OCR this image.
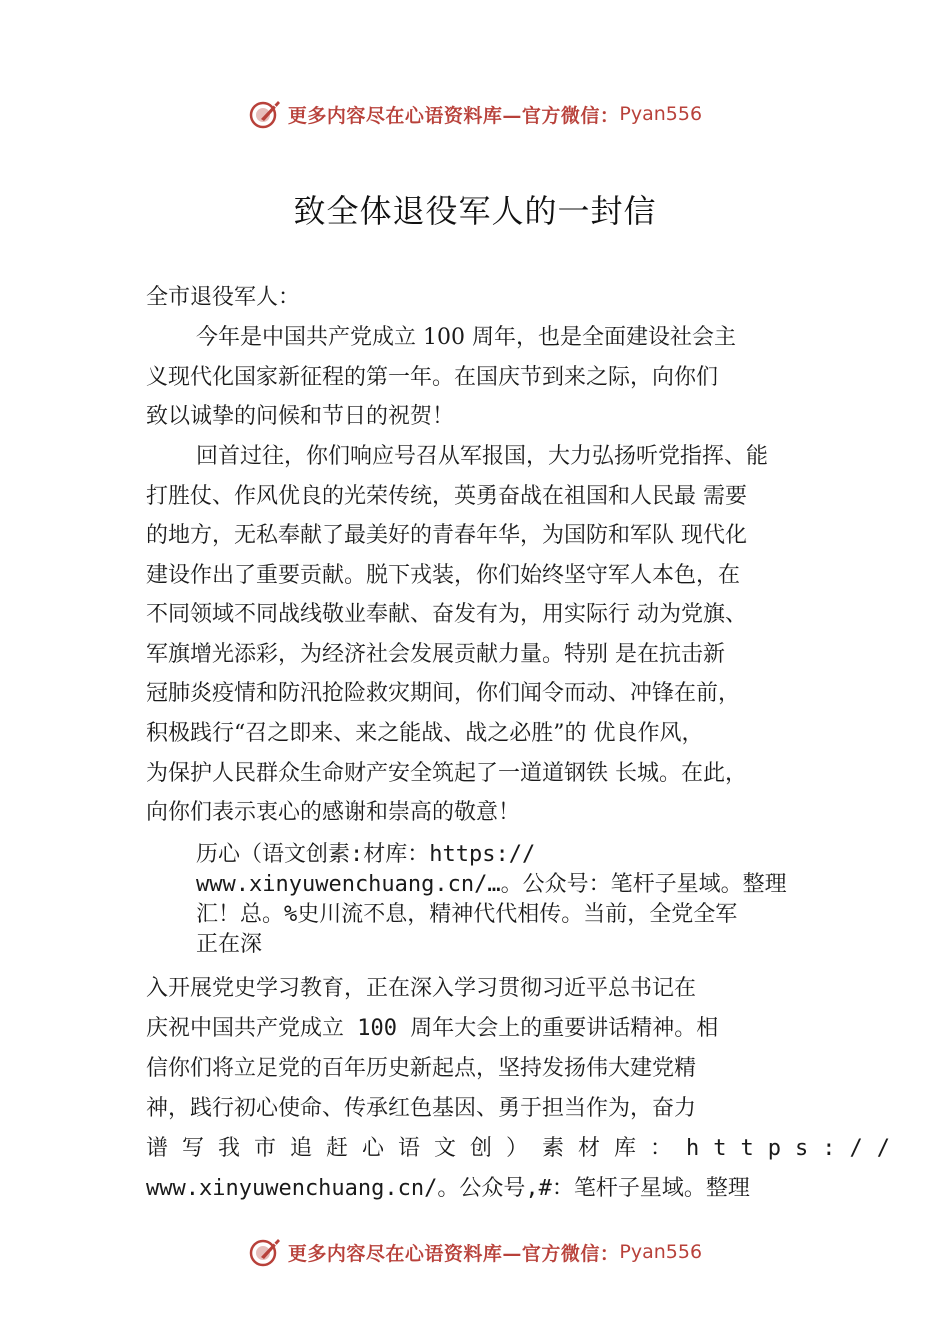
更多内容尽在心语资料库—官方微信： Pyan556
致全体退役军人的一封信
全市退役军人：
今年是中国共产党成立 100 周年，也是全面建设社会主
义现代化国家新征程的第一年。在国庆节到来之际，向你们
致以诚挚的问候和节日的祝贺！
回首过往，你们响应号召从军报国，大力弘扬听党指挥、能
打胜仗、作风优良的光荣传统，英勇奋战在祖国和人民最 需要
的地方，无私奉献了最美好的青春年华，为国防和军队 现代化
建设作出了重要贡献。脱下戎装，你们始终坚守军人本色，在
不同领域不同战线敬业奉献、奋发有为，用实际行 动为党旗、
军旗增光添彩，为经济社会发展贡献力量。特别 是在抗击新
冠肺炎疫情和防汛抢险救灾期间，你们闻令而动、冲锋在前，
积极践行“召之即来、来之能战、战之必胜”的 优良作风，
为保护人民群众生命财产安全筑起了一道道钢铁 长城。在此，
向你们表示衷心的感谢和崇高的敬意！
历心（语文创素:材库：https://
www.xinyuwenchuang.cn/…。公众号：笔杆子星域。整理
汇！总。%史川流不息，精神代代相传。当前，全党全军
正在深
入开展党史学习教育，正在深入学习贯彻习近平总书记在
庆祝中国共产党成立 100 周年大会上的重要讲话精神。相
信你们将立足党的百年历史新起点，坚持发扬伟大建党精
神，践行初心使命、传承红色基因、勇于担当作为，奋力
谱写我市追赶心语文创）素材库：https://
www.xinyuwenchuang.cn/。公众号,#：笔杆子星域。整理
更多内容尽在心语资料库—官方微信： Pyan556
